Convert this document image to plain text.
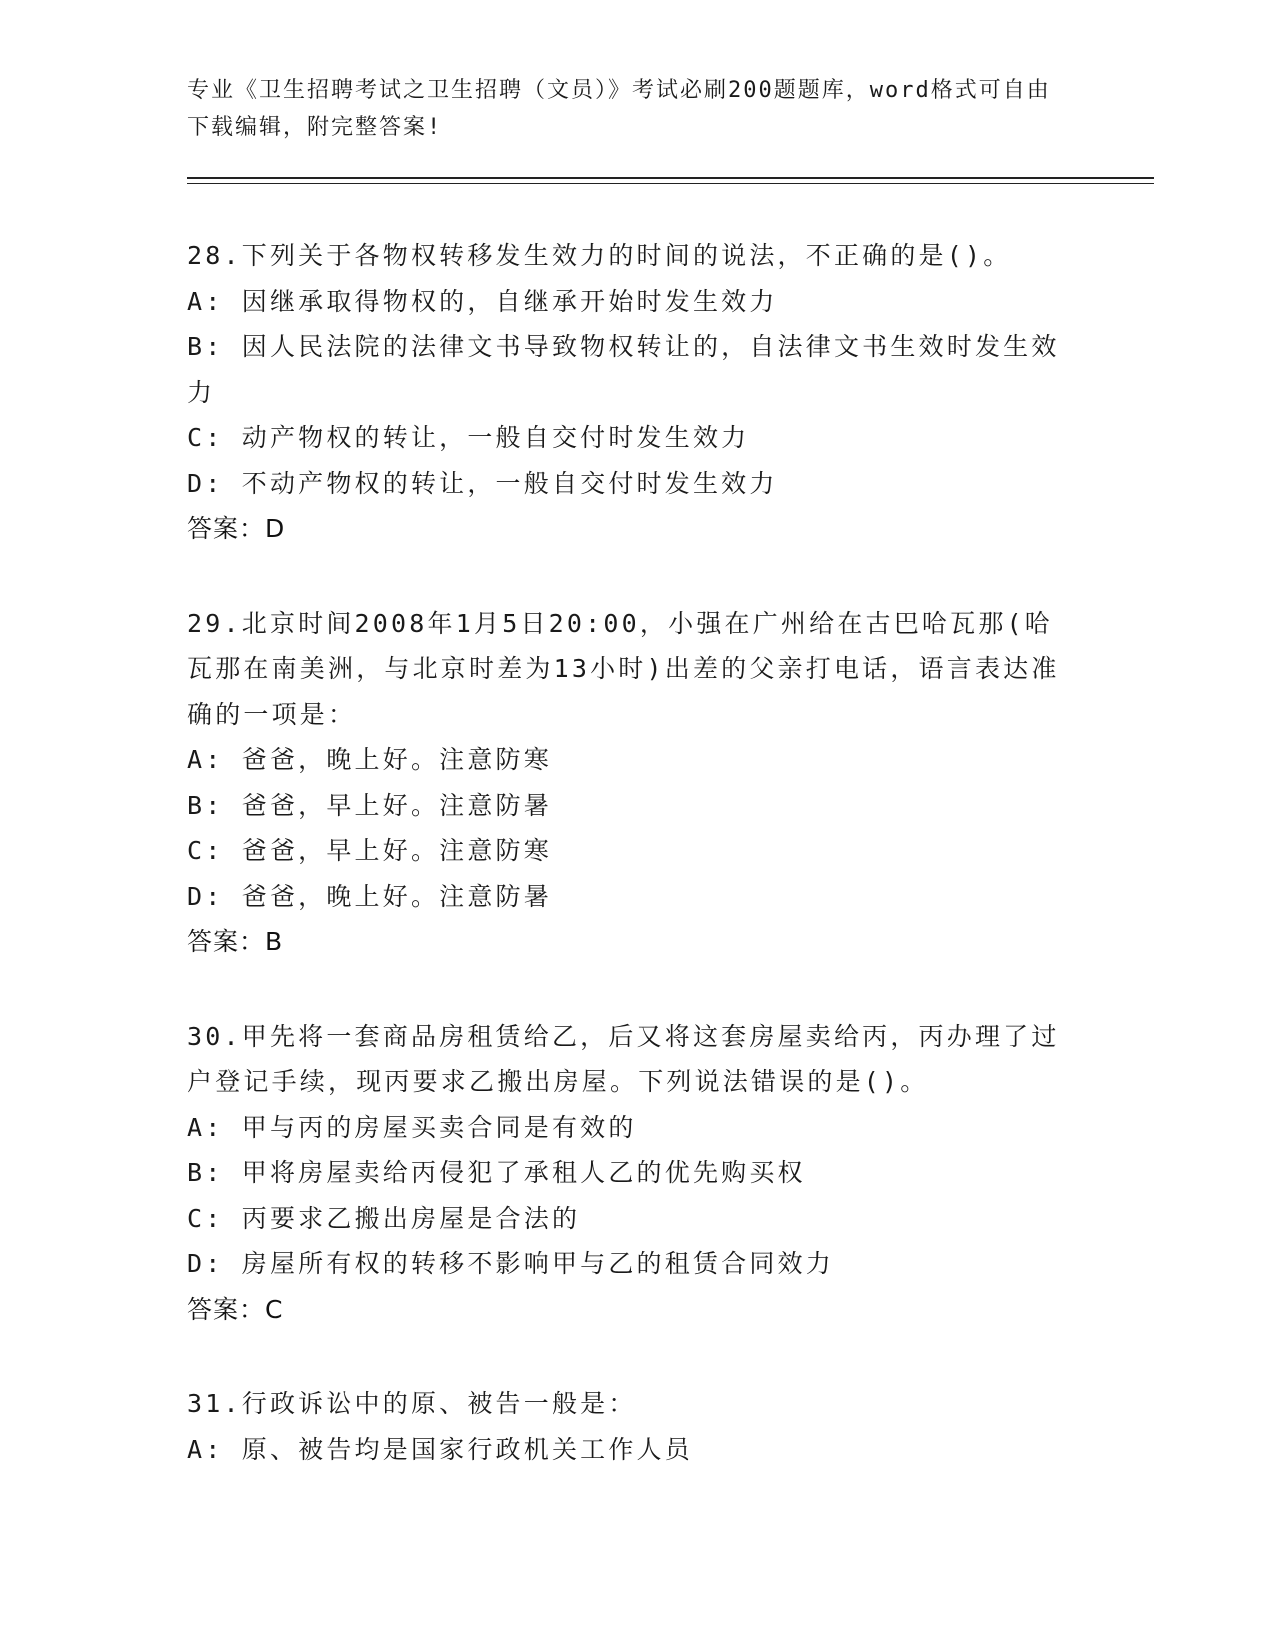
专业《卫生招聘考试之卫生招聘（文员）》考试必刷200题题库，word格式可自由下载编辑，附完整答案!
28.下列关于各物权转移发生效力的时间的说法，不正确的是()。
A: 因继承取得物权的，自继承开始时发生效力
B: 因人民法院的法律文书导致物权转让的，自法律文书生效时发生效力
C: 动产物权的转让，一般自交付时发生效力
D: 不动产物权的转让，一般自交付时发生效力
答案：D
29.北京时间2008年1月5日20:00，小强在广州给在古巴哈瓦那(哈瓦那在南美洲，与北京时差为13小时)出差的父亲打电话，语言表达准确的一项是：
A: 爸爸，晚上好。注意防寒
B: 爸爸，早上好。注意防暑
C: 爸爸，早上好。注意防寒
D: 爸爸，晚上好。注意防暑
答案：B
30.甲先将一套商品房租赁给乙，后又将这套房屋卖给丙，丙办理了过户登记手续，现丙要求乙搬出房屋。下列说法错误的是()。
A: 甲与丙的房屋买卖合同是有效的
B: 甲将房屋卖给丙侵犯了承租人乙的优先购买权
C: 丙要求乙搬出房屋是合法的
D: 房屋所有权的转移不影响甲与乙的租赁合同效力
答案：C
31.行政诉讼中的原、被告一般是：
A: 原、被告均是国家行政机关工作人员
